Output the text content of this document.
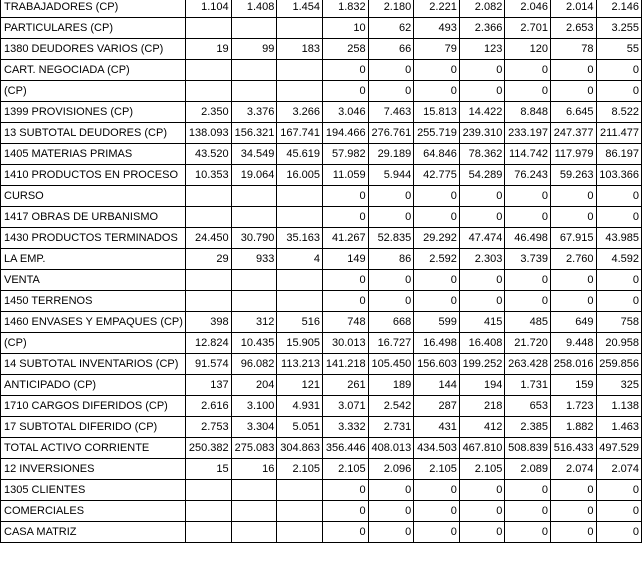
TRABAJADORES (CP)	1.104	1.408	1.454	1.832	2.180	2.221	2.082	2.046	2.014	2.146
PARTICULARES (CP)				10	62	493	2.366	2.701	2.653	3.255
1380 DEUDORES VARIOS (CP)	19	99	183	258	66	79	123	120	78	55
CART. NEGOCIADA (CP)				0	0	0	0	0	0	0
(CP)				0	0	0	0	0	0	0
1399 PROVISIONES (CP)	2.350	3.376	3.266	3.046	7.463	15.813	14.422	8.848	6.645	8.522
13 SUBTOTAL DEUDORES (CP)	138.093	156.321	167.741	194.466	276.761	255.719	239.310	233.197	247.377	211.477
1405 MATERIAS PRIMAS	43.520	34.549	45.619	57.982	29.189	64.846	78.362	114.742	117.979	86.197
1410 PRODUCTOS EN PROCESO	10.353	19.064	16.005	11.059	5.944	42.775	54.289	76.243	59.263	103.366
CURSO				0	0	0	0	0	0	0
1417 OBRAS DE URBANISMO				0	0	0	0	0	0	0
1430 PRODUCTOS TERMINADOS	24.450	30.790	35.163	41.267	52.835	29.292	47.474	46.498	67.915	43.985
LA EMP.	29	933	4	149	86	2.592	2.303	3.739	2.760	4.592
VENTA				0	0	0	0	0	0	0
1450 TERRENOS				0	0	0	0	0	0	0
1460 ENVASES Y EMPAQUES (CP)	398	312	516	748	668	599	415	485	649	758
(CP)	12.824	10.435	15.905	30.013	16.727	16.498	16.408	21.720	9.448	20.958
14 SUBTOTAL INVENTARIOS (CP)	91.574	96.082	113.213	141.218	105.450	156.603	199.252	263.428	258.016	259.856
ANTICIPADO (CP)	137	204	121	261	189	144	194	1.731	159	325
1710 CARGOS DIFERIDOS (CP)	2.616	3.100	4.931	3.071	2.542	287	218	653	1.723	1.138
17 SUBTOTAL DIFERIDO (CP)	2.753	3.304	5.051	3.332	2.731	431	412	2.385	1.882	1.463
TOTAL ACTIVO CORRIENTE	250.382	275.083	304.863	356.446	408.013	434.503	467.810	508.839	516.433	497.529
12 INVERSIONES	15	16	2.105	2.105	2.096	2.105	2.105	2.089	2.074	2.074
1305 CLIENTES				0	0	0	0	0	0	0
COMERCIALES				0	0	0	0	0	0	0
CASA MATRIZ				0	0	0	0	0	0	0
